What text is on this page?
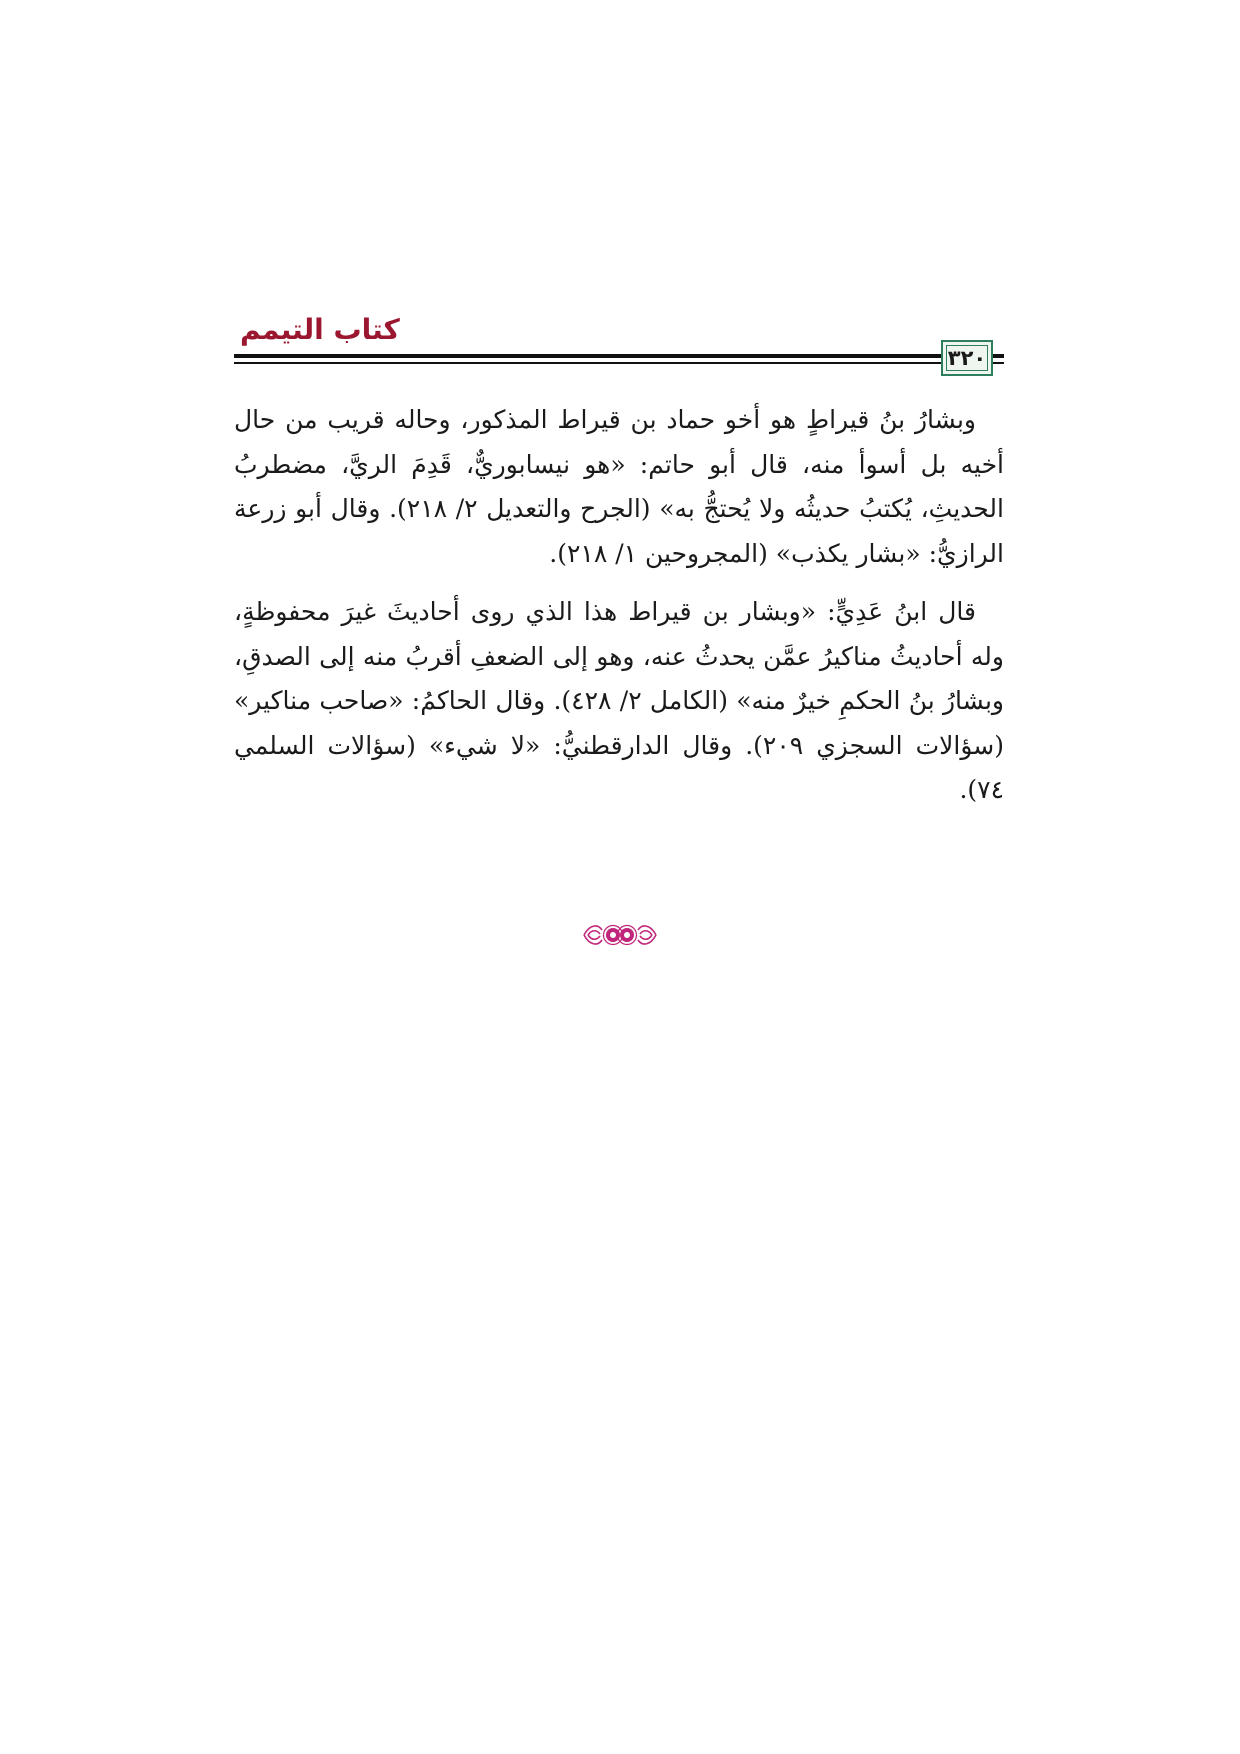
كتاب التيمم
٣٢٠

وبشارُ بنُ قيراطٍ هو أخو حماد بن قيراط المذكور، وحاله قريب من حال أخيه بل أسوأ منه، قال أبو حاتم: «هو نيسابوريٌّ، قَدِمَ الريَّ، مضطربُ الحديثِ، يُكتبُ حديثُه ولا يُحتجُّ به» (الجرح والتعديل ٢/ ٢١٨). وقال أبو زرعة الرازيُّ: «بشار يكذب» (المجروحين ١/ ٢١٨).

قال ابنُ عَدِيٍّ: «وبشار بن قيراط هذا الذي روى أحاديثَ غيرَ محفوظةٍ، وله أحاديثُ مناكيرُ عمَّن يحدثُ عنه، وهو إلى الضعفِ أقربُ منه إلى الصدقِ، وبشارُ بنُ الحكمِ خيرٌ منه» (الكامل ٢/ ٤٢٨). وقال الحاكمُ: «صاحب مناكير» (سؤالات السجزي ٢٠٩). وقال الدارقطنيُّ: «لا شيء» (سؤالات السلمي ٧٤).
